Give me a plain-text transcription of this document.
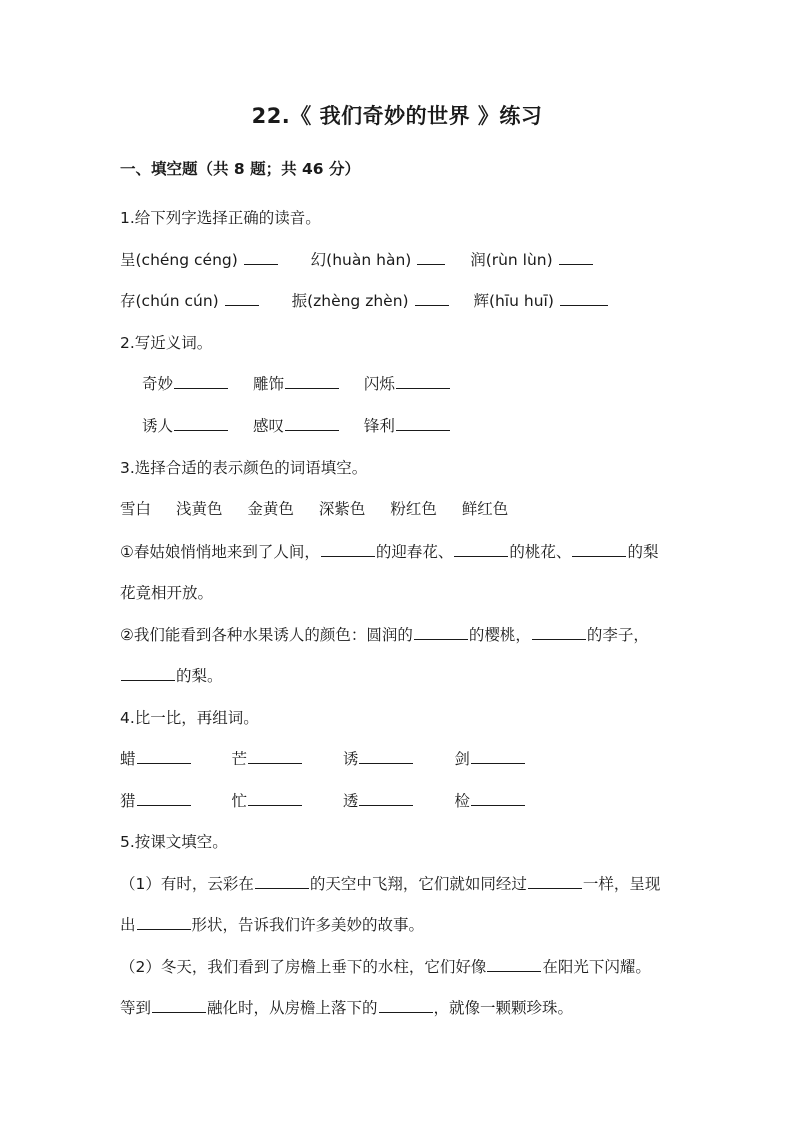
22.《 我们奇妙的世界 》练习
一、填空题（共 8 题；共 46 分）
1.给下列字选择正确的读音。
呈(chéng céng)	幻(huàn hàn)	润(rùn lùn)
存(chún cún)	振(zhèng zhèn)	辉(hīu huī)
2.写近义词。
奇妙	雕饰	闪烁
诱人	感叹	锋利
3.选择合适的表示颜色的词语填空。
雪白 浅黄色 金黄色 深紫色 粉红色 鲜红色
①春姑娘悄悄地来到了人间，	的迎春花、	的桃花、	的梨
花竟相开放。
②我们能看到各种水果诱人的颜色：圆润的	的樱桃，	的李子，
的梨。
4.比一比，再组词。
蜡	芒	诱	剑
猎	忙	透	检
5.按课文填空。
（1）有时，云彩在	的天空中飞翔，它们就如同经过	一样，呈现
出	形状，告诉我们许多美妙的故事。
（2）冬天，我们看到了房檐上垂下的水柱，它们好像	在阳光下闪耀。
等到	融化时，从房檐上落下的	，就像一颗颗珍珠。
